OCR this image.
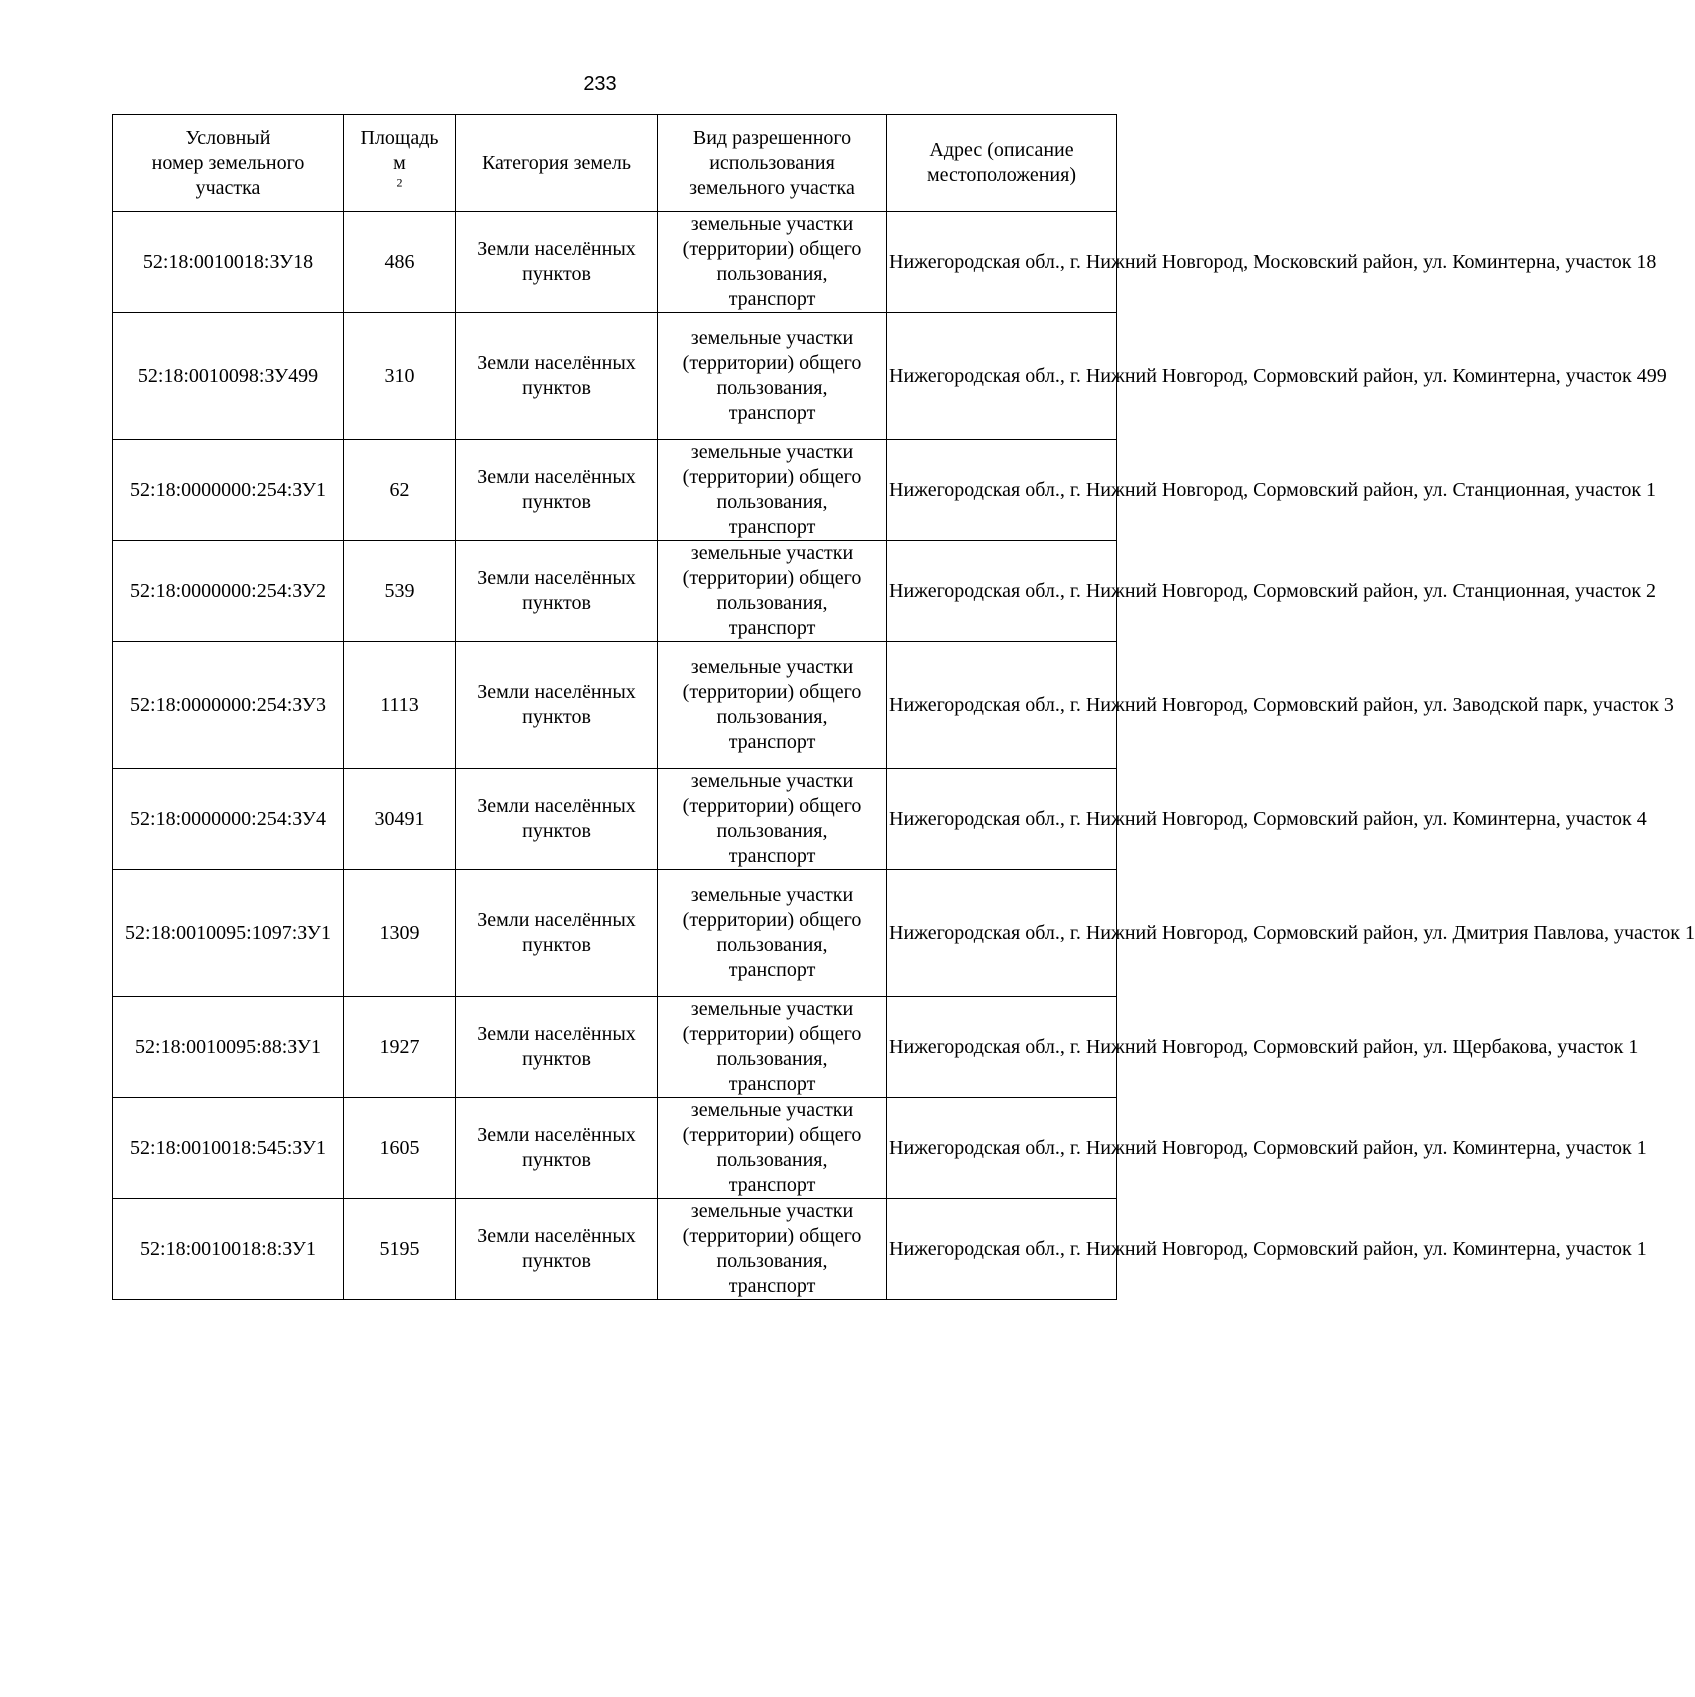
233
Условный
номер земельного
участка	Площадь
м
$^2$	Категория земель	Вид разрешенного
использования
земельного участка	Адрес (описание
местоположения)

52:18:0010018:ЗУ18	486	Земли населённых
пунктов	земельные участки
(территории) общего
пользования,
транспорт	Нижегородская обл., г. Нижний Новгород, Московский район, ул. Коминтерна, участок 18

52:18:0010098:ЗУ499	310	Земли населённых
пунктов	земельные участки
(территории) общего
пользования,
транспорт	Нижегородская обл., г. Нижний Новгород, Сормовский район, ул. Коминтерна, участок 499

52:18:0000000:254:ЗУ1	62	Земли населённых
пунктов	земельные участки
(территории) общего
пользования,
транспорт	Нижегородская обл., г. Нижний Новгород, Сормовский район, ул. Станционная, участок 1

52:18:0000000:254:ЗУ2	539	Земли населённых
пунктов	земельные участки
(территории) общего
пользования,
транспорт	Нижегородская обл., г. Нижний Новгород, Сормовский район, ул. Станционная, участок 2

52:18:0000000:254:ЗУ3	1113	Земли населённых
пунктов	земельные участки
(территории) общего
пользования,
транспорт	Нижегородская обл., г. Нижний Новгород, Сормовский район, ул. Заводской парк, участок 3

52:18:0000000:254:ЗУ4	30491	Земли населённых
пунктов	земельные участки
(территории) общего
пользования,
транспорт	Нижегородская обл., г. Нижний Новгород, Сормовский район, ул. Коминтерна, участок 4

52:18:0010095:1097:ЗУ1	1309	Земли населённых
пунктов	земельные участки
(территории) общего
пользования,
транспорт	Нижегородская обл., г. Нижний Новгород, Сормовский район, ул. Дмитрия Павлова, участок 1

52:18:0010095:88:ЗУ1	1927	Земли населённых
пунктов	земельные участки
(территории) общего
пользования,
транспорт	Нижегородская обл., г. Нижний Новгород, Сормовский район, ул. Щербакова, участок 1

52:18:0010018:545:ЗУ1	1605	Земли населённых
пунктов	земельные участки
(территории) общего
пользования,
транспорт	Нижегородская обл., г. Нижний Новгород, Сормовский район, ул. Коминтерна, участок 1

52:18:0010018:8:ЗУ1	5195	Земли населённых
пунктов	земельные участки
(территории) общего
пользования,
транспорт	Нижегородская обл., г. Нижний Новгород, Сормовский район, ул. Коминтерна, участок 1
